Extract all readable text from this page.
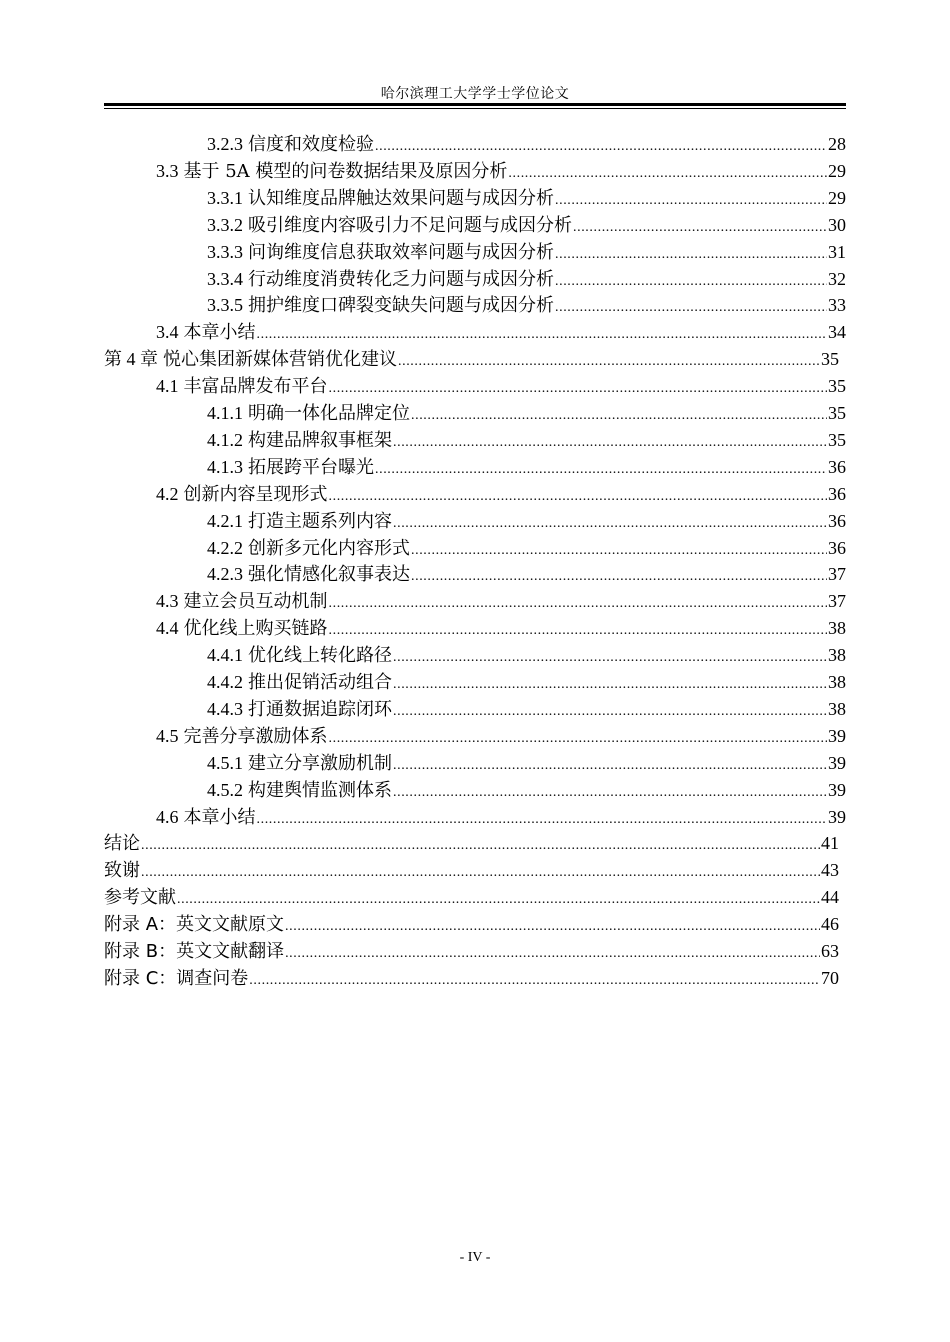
哈尔滨理工大学学士学位论文
3.2.3 信度和效度检验 .....	28
3.3 基于 5A 模型的问卷数据结果及原因分析 .....	29
3.3.1 认知维度品牌触达效果问题与成因分析 .....	29
3.3.2 吸引维度内容吸引力不足问题与成因分析 .....	30
3.3.3 问询维度信息获取效率问题与成因分析 .....	31
3.3.4 行动维度消费转化乏力问题与成因分析 .....	32
3.3.5 拥护维度口碑裂变缺失问题与成因分析 .....	33
3.4 本章小结 .....	34
第 4 章 悦心集团新媒体营销优化建议 .....	35
4.1 丰富品牌发布平台 .....	35
4.1.1 明确一体化品牌定位 .....	35
4.1.2 构建品牌叙事框架 .....	35
4.1.3 拓展跨平台曝光 .....	36
4.2 创新内容呈现形式 .....	36
4.2.1 打造主题系列内容 .....	36
4.2.2 创新多元化内容形式 .....	36
4.2.3 强化情感化叙事表达 .....	37
4.3 建立会员互动机制 .....	37
4.4 优化线上购买链路 .....	38
4.4.1 优化线上转化路径 .....	38
4.4.2 推出促销活动组合 .....	38
4.4.3 打通数据追踪闭环 .....	38
4.5 完善分享激励体系 .....	39
4.5.1 建立分享激励机制 .....	39
4.5.2 构建舆情监测体系 .....	39
4.6 本章小结 .....	39
结论 .....	41
致谢 .....	43
参考文献 .....	44
附录 A：英文文献原文 .....	46
附录 B：英文文献翻译 .....	63
附录 C：调查问卷 .....	70
- IV -
